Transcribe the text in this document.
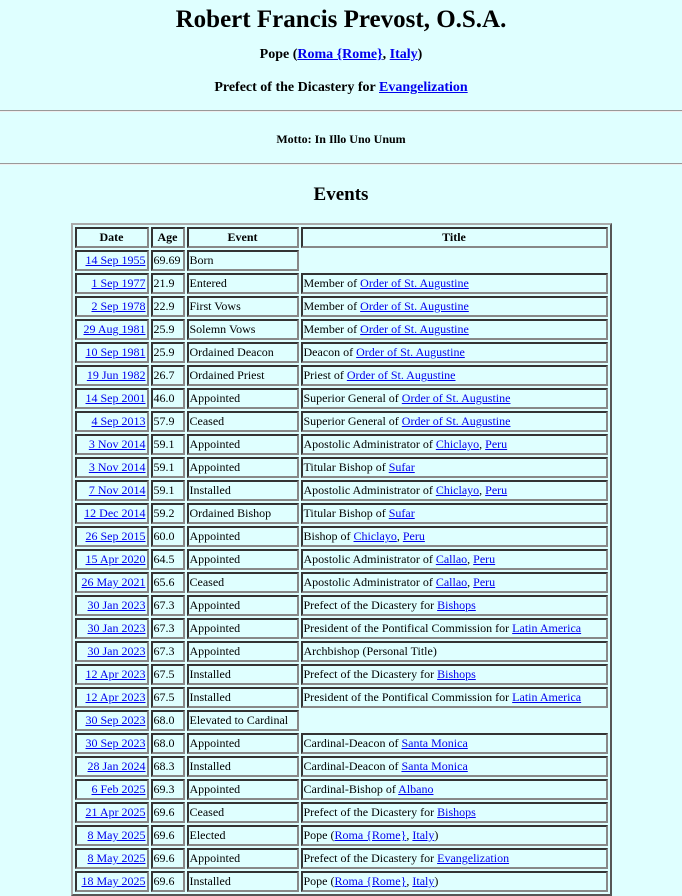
Robert Francis Prevost, O.S.A.
Pope (Roma {Rome}, Italy)
Prefect of the Dicastery for Evangelization
Motto: In Illo Uno Unum
Events
Date	Age	Event	Title
14 Sep 1955	69.69	Born	
1 Sep 1977	21.9	Entered	Member of Order of St. Augustine
2 Sep 1978	22.9	First Vows	Member of Order of St. Augustine
29 Aug 1981	25.9	Solemn Vows	Member of Order of St. Augustine
10 Sep 1981	25.9	Ordained Deacon	Deacon of Order of St. Augustine
19 Jun 1982	26.7	Ordained Priest	Priest of Order of St. Augustine
14 Sep 2001	46.0	Appointed	Superior General of Order of St. Augustine
4 Sep 2013	57.9	Ceased	Superior General of Order of St. Augustine
3 Nov 2014	59.1	Appointed	Apostolic Administrator of Chiclayo, Peru
3 Nov 2014	59.1	Appointed	Titular Bishop of Sufar
7 Nov 2014	59.1	Installed	Apostolic Administrator of Chiclayo, Peru
12 Dec 2014	59.2	Ordained Bishop	Titular Bishop of Sufar
26 Sep 2015	60.0	Appointed	Bishop of Chiclayo, Peru
15 Apr 2020	64.5	Appointed	Apostolic Administrator of Callao, Peru
26 May 2021	65.6	Ceased	Apostolic Administrator of Callao, Peru
30 Jan 2023	67.3	Appointed	Prefect of the Dicastery for Bishops
30 Jan 2023	67.3	Appointed	President of the Pontifical Commission for Latin America
30 Jan 2023	67.3	Appointed	Archbishop (Personal Title)
12 Apr 2023	67.5	Installed	Prefect of the Dicastery for Bishops
12 Apr 2023	67.5	Installed	President of the Pontifical Commission for Latin America
30 Sep 2023	68.0	Elevated to Cardinal	
30 Sep 2023	68.0	Appointed	Cardinal-Deacon of Santa Monica
28 Jan 2024	68.3	Installed	Cardinal-Deacon of Santa Monica
6 Feb 2025	69.3	Appointed	Cardinal-Bishop of Albano
21 Apr 2025	69.6	Ceased	Prefect of the Dicastery for Bishops
8 May 2025	69.6	Elected	Pope (Roma {Rome}, Italy)
8 May 2025	69.6	Appointed	Prefect of the Dicastery for Evangelization
18 May 2025	69.6	Installed	Pope (Roma {Rome}, Italy)
